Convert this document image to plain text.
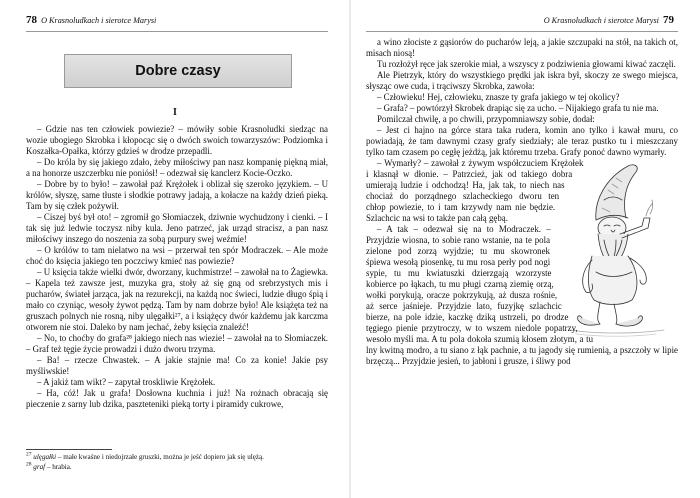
78 O Krasnoludkach i sierotce Marysi
Dobre czasy
I

– Gdzie nas ten człowiek powiezie? – mówiły sobie Krasnoludki siedząc na wozie ubogiego Skrobka i kłopocąc się o dwóch swoich towarzyszów: Podziomka i Koszałka-Opałka, którzy gdzieś w drodze przepadli.

– Do króla by się jakiego zdało, żeby miłościwy pan nasz kompanię piękną miał, a na honorze uszczerbku nie poniósł! – odezwał się kanclerz Kocie-Oczko.

– Dobre by to było! – zawołał paź Krężołek i oblizał się szeroko językiem. – U królów, słyszę, same tłuste i słodkie potrawy jadają, a kołacze na każdy dzień pieką. Tam by się człek pożywił.

– Ciszej byś był oto! – zgromił go Słomiaczek, dziwnie wychudzony i cienki. – I tak się już ledwie toczysz niby kula. Jeno patrzeć, jak urząd stracisz, a pan nasz miłościwy inszego do noszenia za sobą purpury swej weźmie!

– O królów to tam nielatwo na wsi – przerwał ten spór Modraczek. – Ale może choć do księcia jakiego ten poczciwy kmieć nas powiezie?

– U księcia także wielki dwór, dworzany, kuchmistrze! – zawołał na to Żagiewka. – Kapela też zawsze jest, muzyka gra, stoły aż się gną od srebrzystych mis i pucharów, świateł jarząca, jak na rezurekcji, na każdą noc świeci, ludzie długo śpią i mało co czyniąc, wesoły żywot pędzą. Tam by nam dobrze było! Ale książęta też na gruszach polnych nie rosną, niby ulęgałki²⁷, a i książęcy dwór każdemu jak karczma otworem nie stoi. Daleko by nam jechać, żeby księcia znaleźć!

– No, to choćby do grafa²⁸ jakiego niech nas wiezie! – zawołał na to Słomiaczek. – Graf też tęgie życie prowadzi i dużo dworu trzyma.

– Ba! – rzecze Chwastek. – A jakie stajnie ma! Co za konie! Jakie psy myśliwskie!

– A jakiż tam wikt? – zapytał troskliwie Krężołek.

– Ha, cóż! Jak u grafa! Dosłowna kuchnia i już! Na rożnach obracają się pieczenie z sarny lub dzika, paszteteniki pieką torty i piramidy cukrowe,

$^{27}$ ulęgałki – małe kwaśne i niedojrzałe gruszki, można je jeść dopiero jak się ulężą.
$^{28}$ graf – hrabia.
O Krasnoludkach i sierotce Marysi 79

a wino złociste z gąsiorów do pucharów leją, a jakie szczupaki na stół, na takich ot, misach niosą!

Tu rozłożył ręce jak szerokie miał, a wszyscy z podziwienia głowami kiwać zaczęli.

Ale Pietrzyk, który do wszystkiego prędki jak iskra był, skoczy ze swego miejsca, słysząc owe cuda, i trąciwszy Skrobka, zawoła:

– Człowieku! Hej, człowieku, znasze ty grafa jakiego w tej okolicy?

– Grafa? – powtórzył Skrobek drapiąc się za ucho. – Nijakiego grafa tu nie ma.

Pomilczał chwilę, a po chwili, przypomniawszy sobie, dodał:

– Jest ci hajno na górce stara taka rudera, komin ano tylko i kawał muru, co powiadają, że tam dawnymi czasy grafy siedziały; ale teraz pustko tu i mieszczany tylko tam czasem po cegłę jeżdżą, jak któremu trzeba. Grafy ponoć dawno wymarły.

– Wymarły? – zawołał z żywym współczuciem Krężołek i klasnął w dłonie. – Patrzcież, jak od takiego dobra umierają ludzie i odchodzą! Ha, jak tak, to niech nas chociaż do porządnego szlacheckiego dworu ten chłop powiezie, to i tam krzywdy nam nie będzie. Szlachcic na wsi to także pan całą gębą.

– A tak – odezwał się na to Modraczek. – Przyjdzie wiosna, to sobie rano wstanie, na te pola zielone pod zorzą wyjdzie; tu mu skowronek śpiewa wesołą piosenkę, tu mu rosa perły pod nogi sypie, tu mu kwiatuszki dzierzgają wzorzyste kobierce po łąkach, tu mu pługi czarną ziemię orzą, wołki porykują, oracze pokrzykują, aż dusza rośnie, aż serce jaśnieje. Przyjdzie lato, fuzyjkę szlachcic bierze, na pole idzie, kaczkę dziką ustrzeli, po drodze tęgiego pienie przytroczy, w to wszem niedole popatrzy, wesoło myśli ma. A tu pola dokoła szumią kłosem złotym, a tu lny kwitną modro, a tu siano z łąk pachnie, a tu jagody się rumienią, a pszczoły w lipie brzęczą... Przyjdzie jesień, to jabłoni i grusze, i śliwy pod
